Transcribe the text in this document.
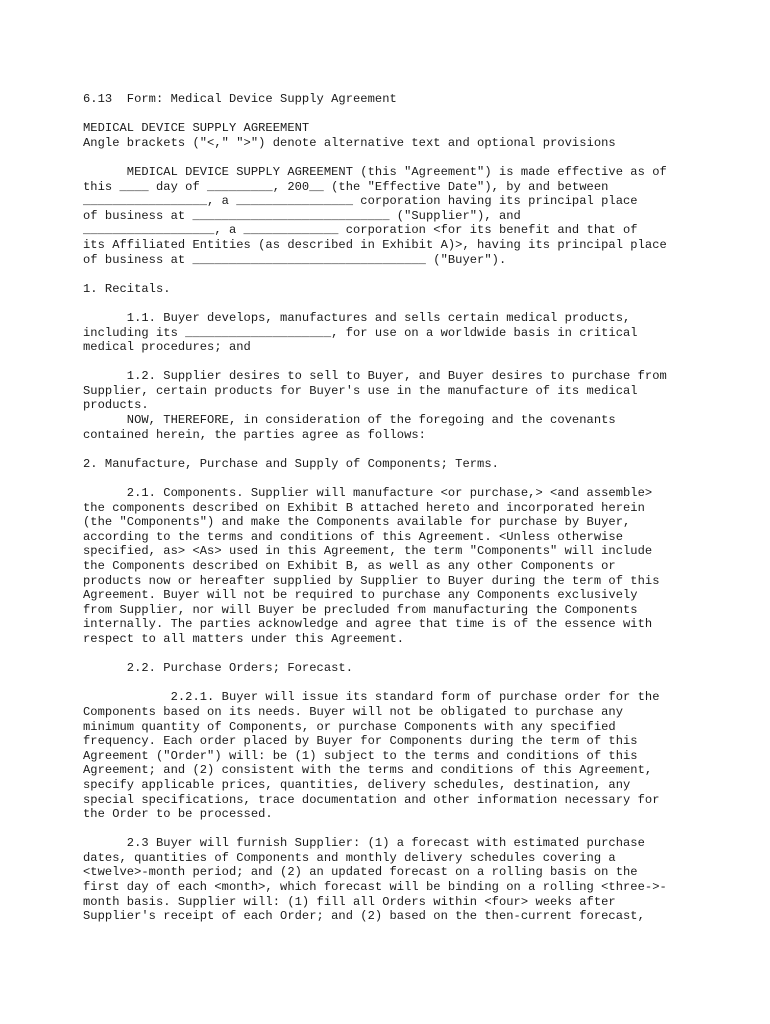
6.13  Form: Medical Device Supply Agreement
MEDICAL DEVICE SUPPLY AGREEMENT
Angle brackets ("<," ">") denote alternative text and optional provisions
MEDICAL DEVICE SUPPLY AGREEMENT (this "Agreement") is made effective as of
this ____ day of _________, 200__ (the "Effective Date"), by and between
_________________, a ________________ corporation having its principal place
of business at ___________________________ ("Supplier"), and
__________________, a _____________ corporation <for its benefit and that of
its Affiliated Entities (as described in Exhibit A)>, having its principal place
of business at ________________________________ ("Buyer").
1. Recitals.
1.1. Buyer develops, manufactures and sells certain medical products,
including its ____________________, for use on a worldwide basis in critical
medical procedures; and
1.2. Supplier desires to sell to Buyer, and Buyer desires to purchase from
Supplier, certain products for Buyer's use in the manufacture of its medical
products.
NOW, THEREFORE, in consideration of the foregoing and the covenants
contained herein, the parties agree as follows:
2. Manufacture, Purchase and Supply of Components; Terms.
2.1. Components. Supplier will manufacture <or purchase,> <and assemble>
the components described on Exhibit B attached hereto and incorporated herein
(the "Components") and make the Components available for purchase by Buyer,
according to the terms and conditions of this Agreement. <Unless otherwise
specified, as> <As> used in this Agreement, the term "Components" will include
the Components described on Exhibit B, as well as any other Components or
products now or hereafter supplied by Supplier to Buyer during the term of this
Agreement. Buyer will not be required to purchase any Components exclusively
from Supplier, nor will Buyer be precluded from manufacturing the Components
internally. The parties acknowledge and agree that time is of the essence with
respect to all matters under this Agreement.
2.2. Purchase Orders; Forecast.
2.2.1. Buyer will issue its standard form of purchase order for the
Components based on its needs. Buyer will not be obligated to purchase any
minimum quantity of Components, or purchase Components with any specified
frequency. Each order placed by Buyer for Components during the term of this
Agreement ("Order") will: be (1) subject to the terms and conditions of this
Agreement; and (2) consistent with the terms and conditions of this Agreement,
specify applicable prices, quantities, delivery schedules, destination, any
special specifications, trace documentation and other information necessary for
the Order to be processed.
2.3 Buyer will furnish Supplier: (1) a forecast with estimated purchase
dates, quantities of Components and monthly delivery schedules covering a
<twelve>-month period; and (2) an updated forecast on a rolling basis on the
first day of each <month>, which forecast will be binding on a rolling <three->-
month basis. Supplier will: (1) fill all Orders within <four> weeks after
Supplier's receipt of each Order; and (2) based on the then-current forecast,
